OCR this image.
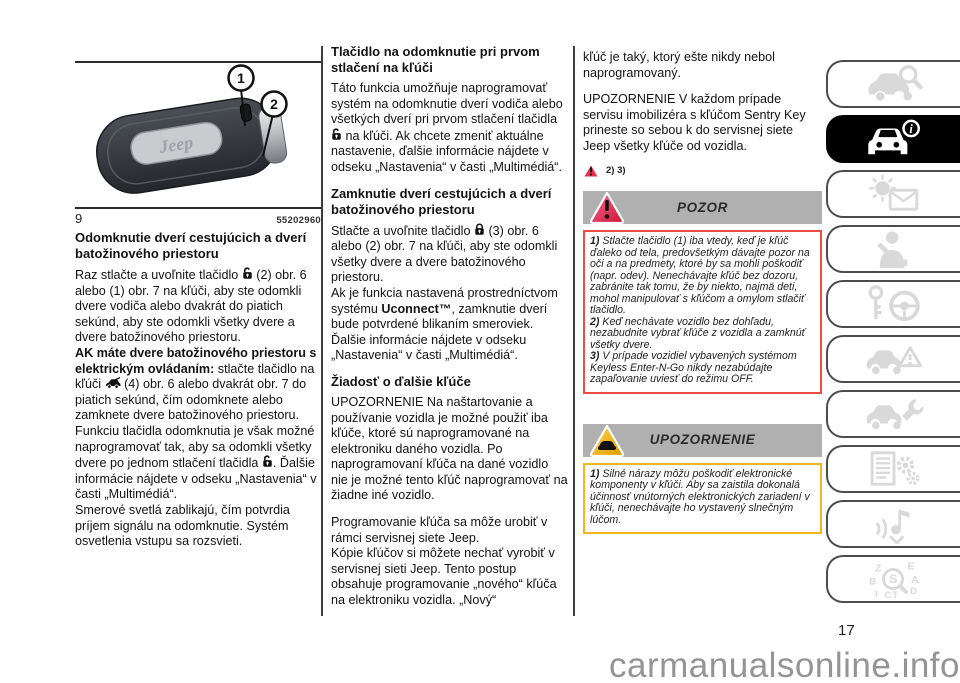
Jeep
1
2
9	55202960
Odomknutie dverí cestujúcich a dverí batožinového priestoru
Raz stlačte a uvoľnite tlačidlo  (2) obr. 6 alebo (1) obr. 7 na kľúči, aby ste odomkli dvere vodiča alebo dvakrát do piatich sekúnd, aby ste odomkli všetky dvere a dvere batožinového priestoru.
AK máte dvere batožinového priestoru s elektrickým ovládaním: stlačte tlačidlo na kľúči  (4) obr. 6 alebo dvakrát obr. 7 do piatich sekúnd, čím odomknete alebo zamknete dvere batožinového priestoru.
Funkciu tlačidla odomknutia je však možné naprogramovať tak, aby sa odomkli všetky dvere po jednom stlačení tlačidla . Ďalšie informácie nájdete v odseku „Nastavenia“ v časti „Multimédiá“.
Smerové svetlá zablikajú, čím potvrdia príjem signálu na odomknutie. Systém osvetlenia vstupu sa rozsvieti.
Tlačidlo na odomknutie pri prvom stlačení na kľúči
Táto funkcia umožňuje naprogramovať systém na odomknutie dverí vodiča alebo všetkých dverí pri prvom stlačení tlačidla  na kľúči. Ak chcete zmeniť aktuálne nastavenie, ďalšie informácie nájdete v odseku „Nastavenia“ v časti „Multimédiá“.
Zamknutie dverí cestujúcich a dverí batožinového priestoru
Stlačte a uvoľnite tlačidlo  (3) obr. 6 alebo (2) obr. 7 na kľúči, aby ste odomkli všetky dvere a dvere batožinového priestoru.
Ak je funkcia nastavená prostredníctvom systému Uconnect™, zamknutie dverí bude potvrdené blikaním smeroviek. Ďalšie informácie nájdete v odseku „Nastavenia“ v časti „Multimédiá“.
Žiadosť o ďalšie kľúče
UPOZORNENIE Na naštartovanie a používanie vozidla je možné použiť iba kľúče, ktoré sú naprogramované na elektroniku daného vozidla. Po naprogramovaní kľúča na dané vozidlo nie je možné tento kľúč naprogramovať na žiadne iné vozidlo.
Programovanie kľúča sa môže urobiť v rámci servisnej siete Jeep.
Kópie kľúčov si môžete nechať vyrobiť v servisnej sieti Jeep. Tento postup obsahuje programovanie „nového“ kľúča na elektroniku vozidla. „Nový“
kľúč je taký, ktorý ešte nikdy nebol naprogramovaný.
UPOZORNENIE V každom prípade servisu imobilizéra s kľúčom Sentry Key prineste so sebou k do servisnej siete Jeep všetky kľúče od vozidla.
2) 3)
POZOR
1) Stlačte tlačidlo (1) iba vtedy, keď je kľúč ďaleko od tela, predovšetkým dávajte pozor na oči a na predmety, ktoré by sa mohli poškodiť (napr. odev). Nenechávajte kľúč bez dozoru, zabránite tak tomu, že by niekto, najmä deti, mohol manipulovať s kľúčom a omylom stlačiť tlačidlo.
2) Keď nechávate vozidlo bez dohľadu, nezabudnite vybrať kľúče z vozidla a zamknúť všetky dvere.
3) V prípade vozidiel vybavených systémom Keyless Enter-N-Go nikdy nezabúdajte zapaľovanie uviesť do režimu OFF.
UPOZORNENIE
1) Silné nárazy môžu poškodiť elektronické komponenty v kľúči. Aby sa zaistila dokonalá účinnosť vnútorných elektronických zariadení v kľúči, nenechávajte ho vystavený slnečným lúčom.
i
Z E
B	A
I C T D
S
17
carmanualsonline.info
